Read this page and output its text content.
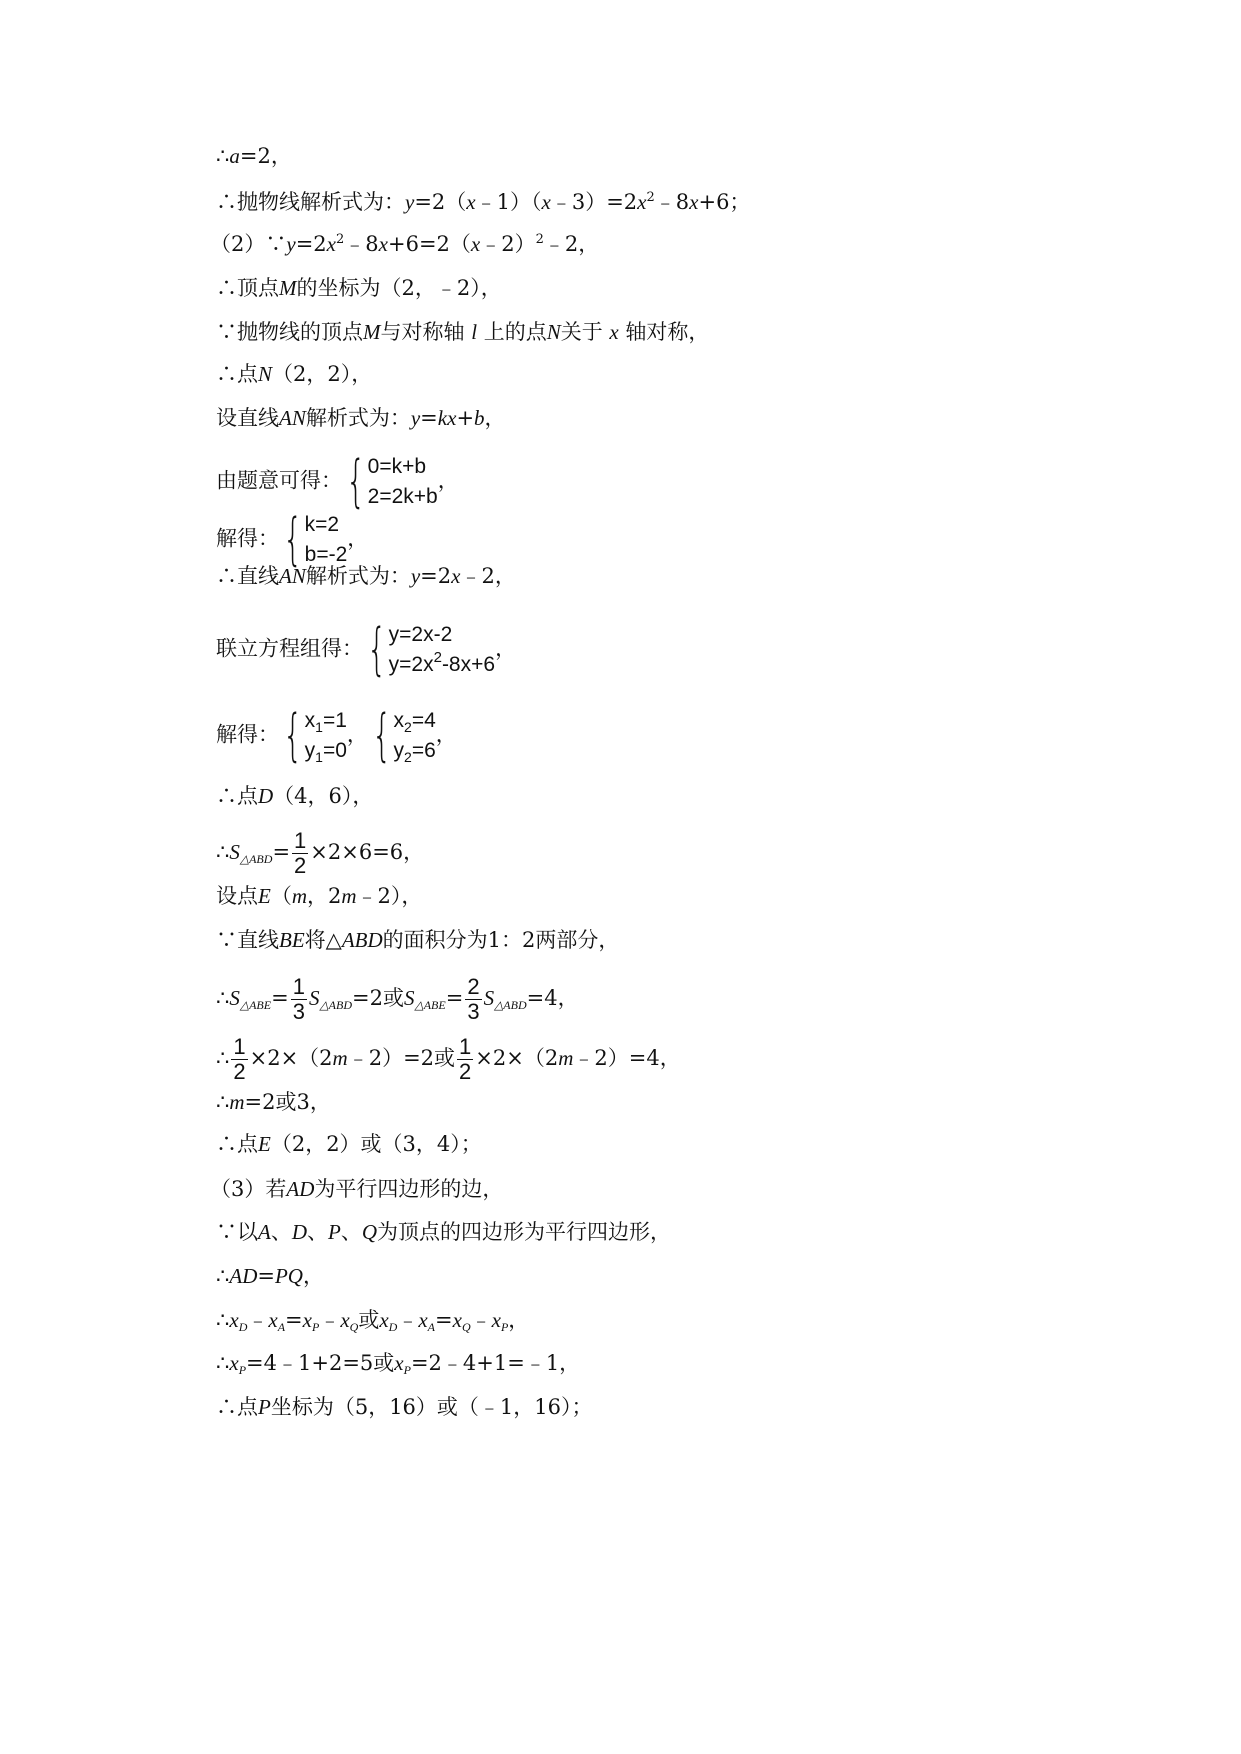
∴a=2，
∴抛物线解析式为：$y=2(x﹣1)(x﹣3)=2x^2﹣8x+6$；
$(2)\because y=2x^2﹣8x+6=2(x﹣2)^2﹣2$，
∴顶点M的坐标为（2，﹣2），
∵抛物线的顶点M与对称轴 l 上的点N关于 x 轴对称，
∴点N（2，2），
设直线AN解析式为：y=kx+b，
由题意可得： { 0=k+b
2=2k+b
，
解得： { k=2
b=-2
，
∴直线AN解析式为：y=2x﹣2，
联立方程组得： { y=2x-2
$y=2x^2-8x+6$
，
解得： { $x_1=1$
$y_1=0$
， { $x_2=4$
$y_2=6$
，
∴点D（4，6），
$\therefore S_{\triangle ABD}= \frac{1}{2} \times 2\times 6=6$，
设点E（m，2m﹣2），
∵直线BE将△ABD的面积分为1：2两部分，
$\therefore S_{\triangle ABE}= \frac{1}{3} S_{\triangle ABD}=2$或$S_{\triangle ABE}= \frac{2}{3} S_{\triangle ABD}=4$，
∴ $\frac{1}{2}$ ×2×（2m﹣2）=2或 $\frac{1}{2}$ ×2×（2m﹣2）=4，
∴m=2或3，
∴点E（2，2）或（3，4）；
（3）若AD为平行四边形的边，
∵以A、D、P、Q为顶点的四边形为平行四边形，
∴AD=PQ，
$\therefore x_D﹣x_A=x_P﹣x_Q$或$x_D﹣x_A=x_Q﹣x_P$，
$\therefore x_P=4﹣1+2=5$或$x_P=2﹣4+1=﹣1$，
∴点P坐标为（5，16）或（﹣1，16）；
